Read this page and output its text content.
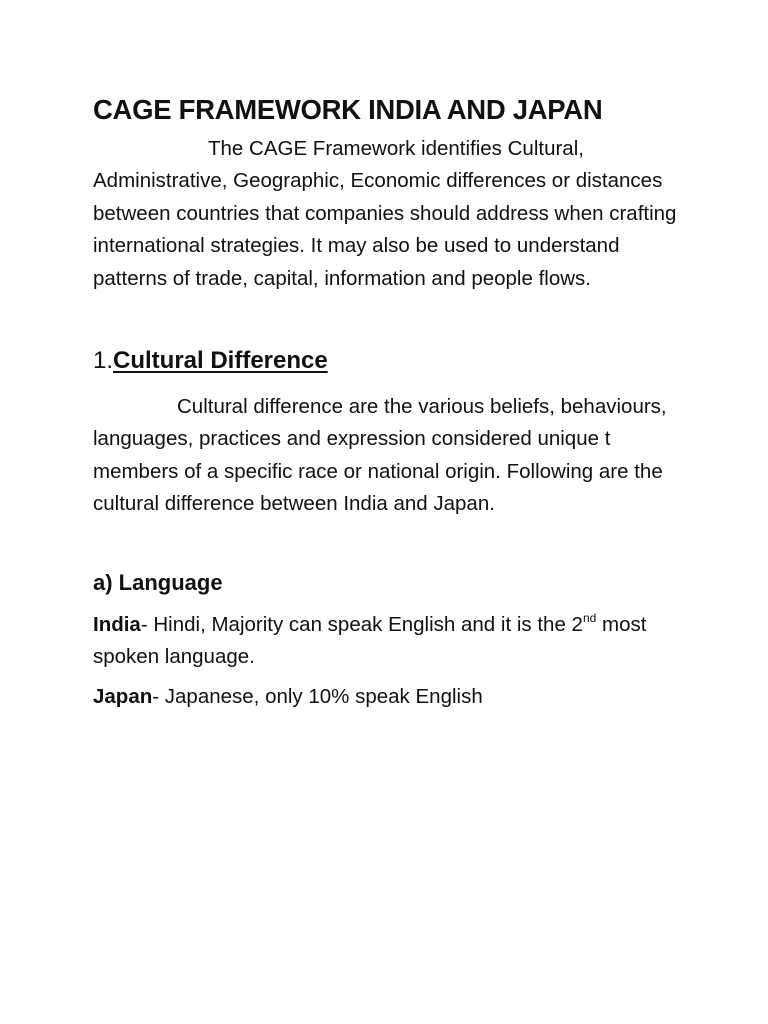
CAGE FRAMEWORK INDIA AND JAPAN

The CAGE Framework identifies Cultural, Administrative, Geographic, Economic differences or distances between countries that companies should address when crafting international strategies. It may also be used to understand patterns of trade, capital, information and people flows.

1.Cultural Difference

Cultural difference are the various beliefs, behaviours, languages, practices and expression considered unique t members of a specific race or national origin. Following are the cultural difference between India and Japan.

a) Language

India- Hindi, Majority can speak English and it is the 2nd most spoken language.

Japan- Japanese, only 10% speak English
